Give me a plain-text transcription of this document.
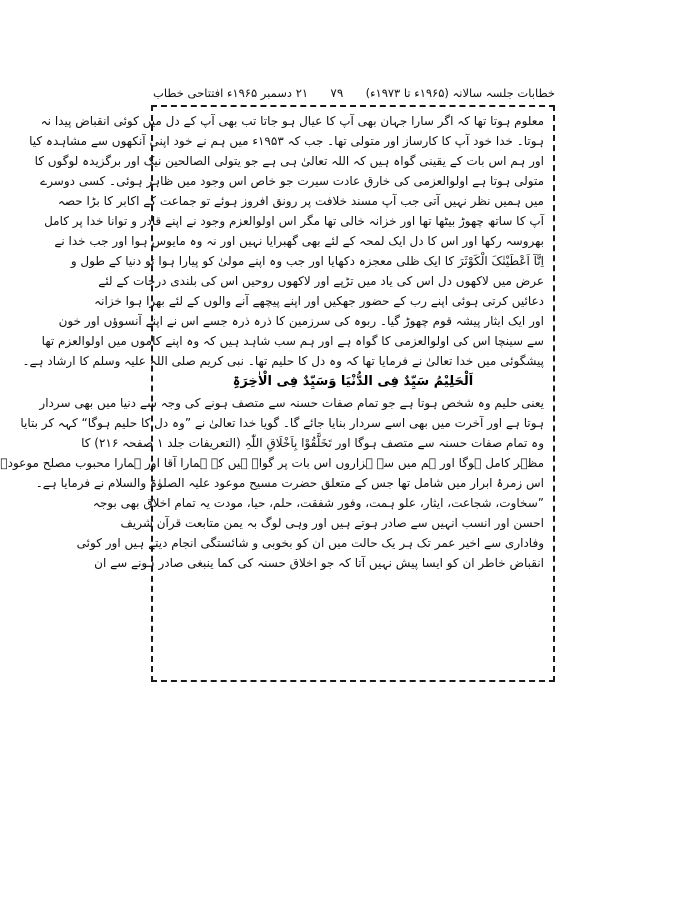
خطابات جلسہ سالانہ (۱۹۶۵ء تا ۱۹۷۳ء)
۷۹
۲۱ دسمبر ۱۹۶۵ء افتتاحی خطاب
معلوم ہوتا تھا کہ اگر سارا جہان بھی آپ کا عیال ہو جاتا تب بھی آپ کے دل میں کوئی انقباض پیدا نہ
ہوتا۔ خدا خود آپ کا کارساز اور متولی تھا۔ جب کہ ۱۹۵۳ء میں ہم نے خود اپنی آنکھوں سے مشاہدہ کیا
اور ہم اس بات کے یقینی گواہ ہیں کہ اللہ تعالیٰ ہی ہے جو یتولی الصالحین نیک اور برگزیدہ لوگوں کا
متولی ہوتا ہے اولوالعزمی کی خارق عادت سیرت جو خاص اس وجود میں ظاہر ہوئی۔ کسی دوسرے
میں ہمیں نظر نہیں آتی جب آپ مسند خلافت پر رونق افروز ہوئے تو جماعت کے اکابر کا بڑا حصہ
آپ کا ساتھ چھوڑ بیٹھا تھا اور خزانہ خالی تھا مگر اس اولوالعزم وجود نے اپنے قادر و توانا خدا پر کامل
بھروسہ رکھا اور اس کا دل ایک لمحہ کے لئے بھی گھبرایا نہیں اور نہ وہ مایوس ہوا اور جب خدا نے
اِنَّآ اَعْطَیْنٰکَ الْکَوْثَرَ کا ایک ظلی معجزہ دکھایا اور جب وہ اپنے مولیٰ کو پیارا ہوا تو دنیا کے طول و
عرض میں لاکھوں دل اس کی یاد میں تڑپے اور لاکھوں روحیں اس کی بلندی درجات کے لئے
دعائیں کرتی ہوئی اپنے رب کے حضور جھکیں اور اپنے پیچھے آنے والوں کے لئے بھرا ہوا خزانہ
اور ایک ایثار پیشہ قوم چھوڑ گیا۔ ربوہ کی سرزمین کا ذرہ ذرہ جسے اس نے اپنے آنسوؤں اور خون
سے سینچا اس کی اولوالعزمی کا گواہ ہے اور ہم سب شاہد ہیں کہ وہ اپنے کاموں میں اولوالعزم تھا
پیشگوئی میں خدا تعالیٰ نے فرمایا تھا کہ وہ دل کا حلیم تھا۔ نبی کریم صلی اللہ علیہ وسلم کا ارشاد ہے۔
اَلْحَلِیْمُ سَیِّدٌ فِی الدُّنْیَا وَسَیِّدٌ فِی الْاٰخِرَۃِ
یعنی حلیم وہ شخص ہوتا ہے جو تمام صفات حسنہ سے متصف ہونے کی وجہ سے دنیا میں بھی سردار
ہوتا ہے اور آخرت میں بھی اسے سردار بنایا جائے گا۔ گویا خدا تعالیٰ نے ”وہ دل کا حلیم ہوگا“ کہہ کر بتایا
وہ تمام صفات حسنہ سے متصف ہوگا اور تَخَلَّقُوْا بِاَخْلَاقِ اللّٰہِ (التعریفات جلد ۱ صفحہ ۲۱۶) کا
مظہر کامل ہوگا اور ہم میں سے ہزاروں اس بات پر گواہ ہیں کہ ہمارا آقا اور ہمارا محبوب مصلح موعودؓ
اس زمرۂ ابرار میں شامل تھا جس کے متعلق حضرت مسیح موعود علیہ الصلوٰۃ والسلام نے فرمایا ہے۔
”سخاوت، شجاعت، ایثار، علو ہمت، وفور شفقت، حلم، حیا، مودت یہ تمام اخلاق بھی بوجہ
احسن اور انسب انہیں سے صادر ہوتے ہیں اور وہی لوگ بہ یمن متابعت قرآن شریف
وفاداری سے اخیر عمر تک ہر یک حالت میں ان کو بخوبی و شائستگی انجام دیتے ہیں اور کوئی
انقباض خاطر ان کو ایسا پیش نہیں آتا کہ جو اخلاق حسنہ کی کما ینبغی صادر ہونے سے ان
